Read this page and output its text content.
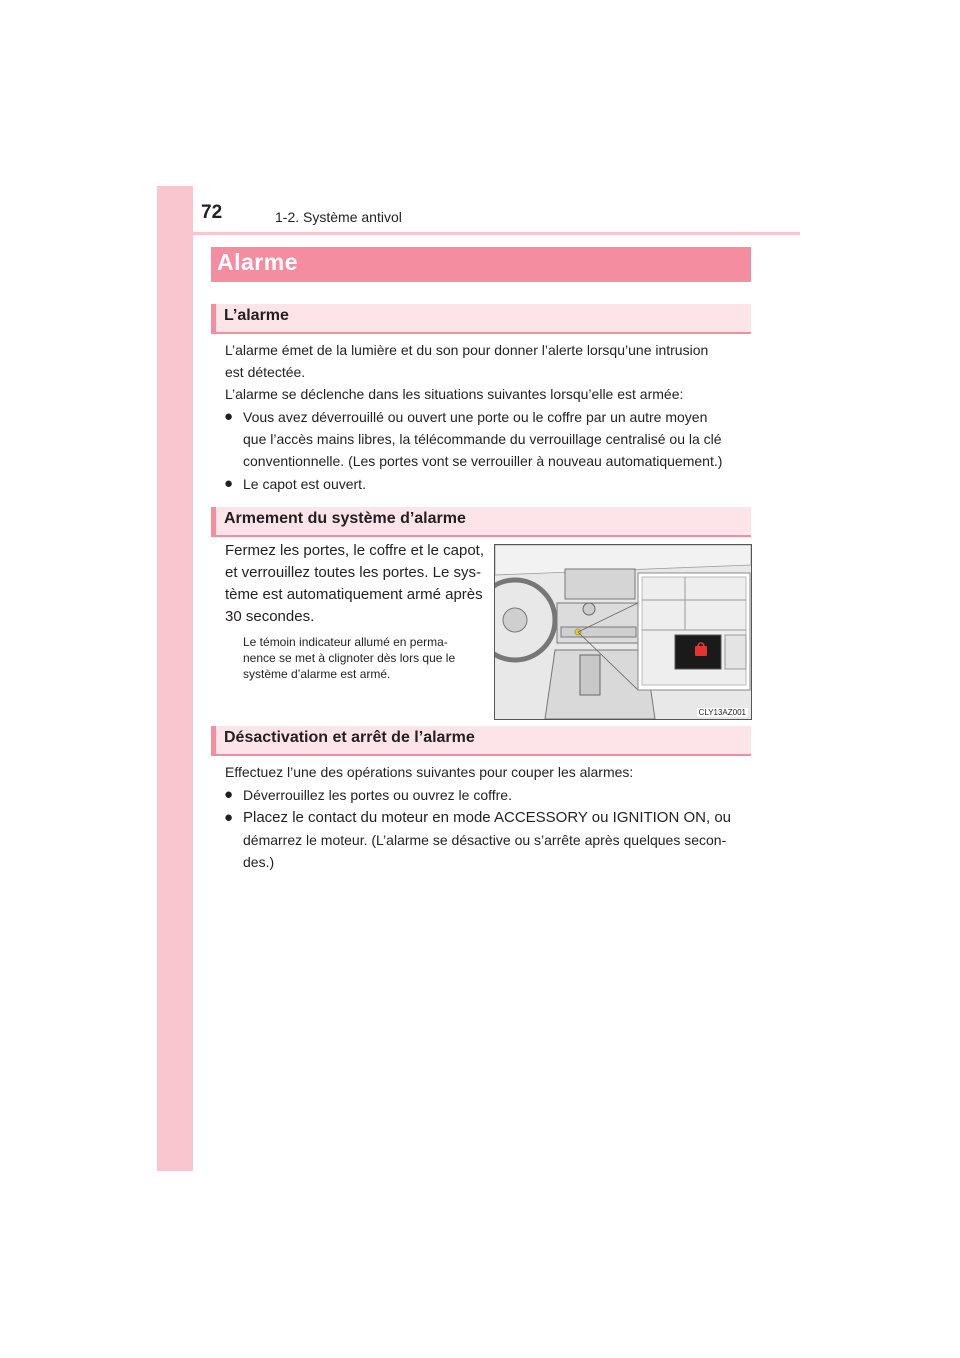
72	1-2. Système antivol
Alarme
L’alarme
L’alarme émet de la lumière et du son pour donner l’alerte lorsqu’une intrusion
est détectée.
L’alarme se déclenche dans les situations suivantes lorsqu’elle est armée:
● Vous avez déverrouillé ou ouvert une porte ou le coffre par un autre moyen
que l’accès mains libres, la télécommande du verrouillage centralisé ou la clé
conventionnelle. (Les portes vont se verrouiller à nouveau automatiquement.)
● Le capot est ouvert.
Armement du système d’alarme
Fermez les portes, le coffre et le capot,
et verrouillez toutes les portes. Le sys-
tème est automatiquement armé après
30 secondes.
Le témoin indicateur allumé en perma-
nence se met à clignoter dès lors que le
système d’alarme est armé.
CLY13AZ001
Désactivation et arrêt de l’alarme
Effectuez l’une des opérations suivantes pour couper les alarmes:
● Déverrouillez les portes ou ouvrez le coffre.
● Placez le contact du moteur en mode ACCESSORY ou IGNITION ON, ou
démarrez le moteur. (L’alarme se désactive ou s’arrête après quelques secon-
des.)
